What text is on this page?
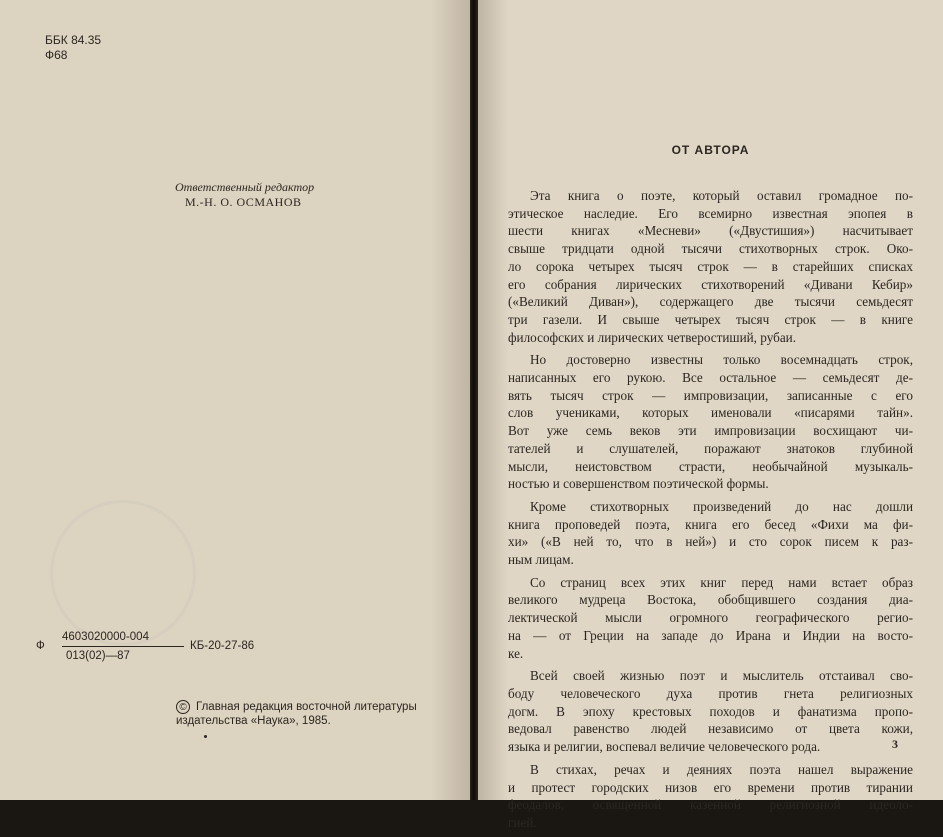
ББК 84.35
Ф68
Ответственный редактор
М.-Н. О. ОСМАНОВ
Ф $\frac{4603020000-004}{013(02)—87} КБ-20-27-86$
© Главная редакция восточной литературы
издательства «Наука», 1985.
ОТ АВТОРА
Эта книга о поэте, который оставил громадное по-
этическое наследие. Его всемирно известная эпопея в
шести книгах «Месневи» («Двустишия») насчитывает
свыше тридцати одной тысячи стихотворных строк. Око-
ло сорока четырех тысяч строк — в старейших списках
его собрания лирических стихотворений «Дивани Кебир»
(«Великий Диван»), содержащего две тысячи семьдесят
три газели. И свыше четырех тысяч строк — в книге
философских и лирических четверостиший, рубаи.
Но достоверно известны только восемнадцать строк,
написанных его рукою. Все остальное — семьдесят де-
вять тысяч строк — импровизации, записанные с его
слов учениками, которых именовали «писарями тайн».
Вот уже семь веков эти импровизации восхищают чи-
тателей и слушателей, поражают знатоков глубиной
мысли, неистовством страсти, необычайной музыкаль-
ностью и совершенством поэтической формы.
Кроме стихотворных произведений до нас дошли
книга проповедей поэта, книга его бесед «Фихи ма фи-
хи» («В ней то, что в ней») и сто сорок писем к раз-
ным лицам.
Со страниц всех этих книг перед нами встает образ
великого мудреца Востока, обобщившего создания диа-
лектической мысли огромного географического регио-
на — от Греции на западе до Ирана и Индии на восто-
ке.
Всей своей жизнью поэт и мыслитель отстаивал сво-
боду человеческого духа против гнета религиозных
догм. В эпоху крестовых походов и фанатизма пропо-
ведовал равенство людей независимо от цвета кожи,
языка и религии, воспевал величие человеческого рода.
В стихах, речах и деяниях поэта нашел выражение
и протест городских низов его времени против тирании
феодалов, освященной казенной религиозной идеоло-
гией.
3
